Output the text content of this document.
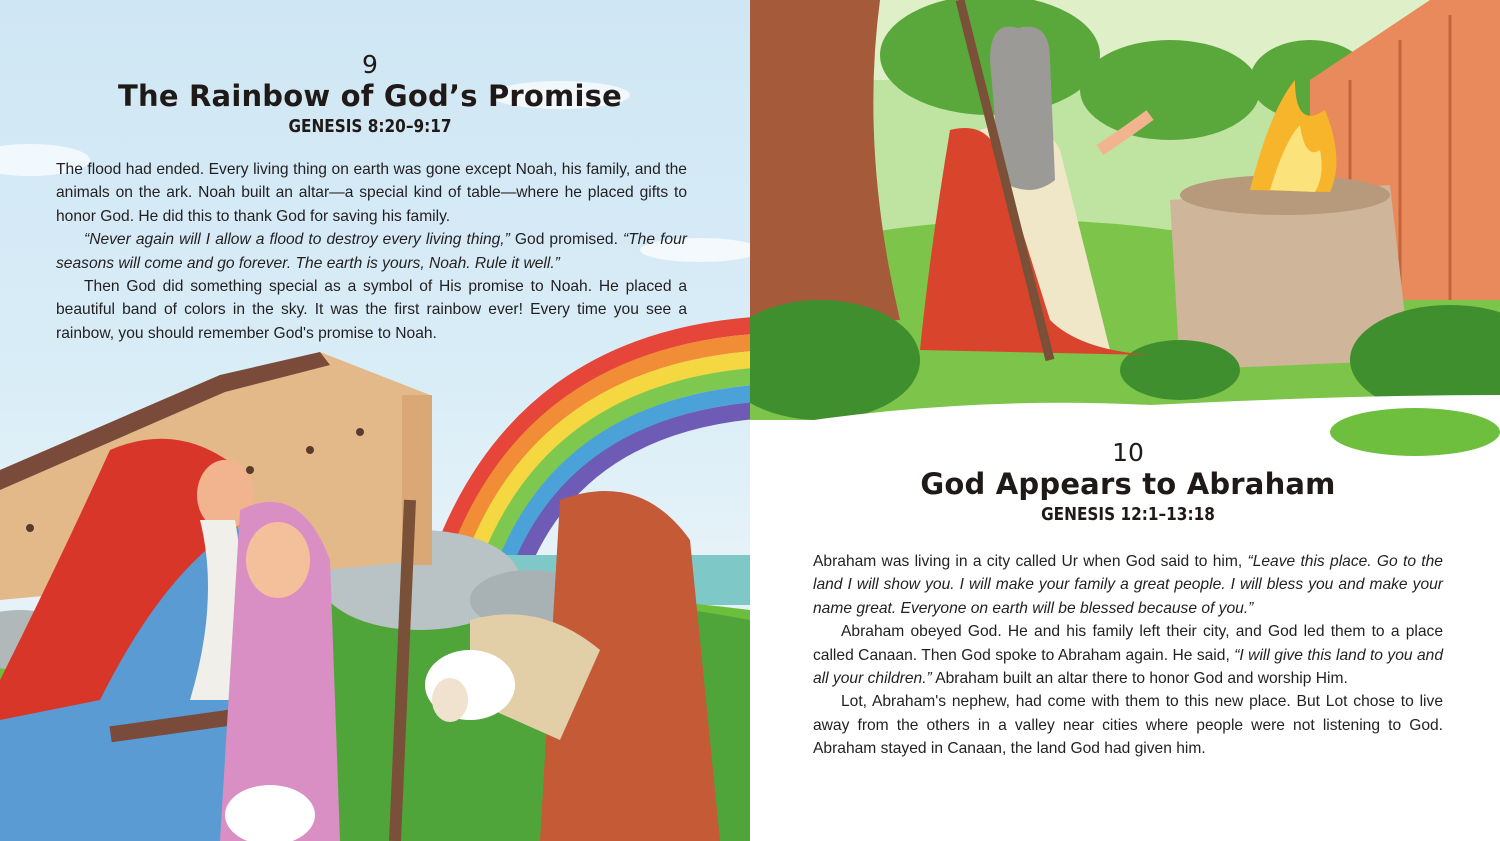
9
The Rainbow of God’s Promise
GENESIS 8:20–9:17

The flood had ended. Every living thing on earth was gone except Noah, his family, and the animals on the ark. Noah built an altar—a special kind of table—where he placed gifts to honor God. He did this to thank God for saving his family.

“Never again will I allow a flood to destroy every living thing,” God promised. “The four seasons will come and go forever. The earth is yours, Noah. Rule it well.”

Then God did something special as a symbol of His promise to Noah. He placed a beautiful band of colors in the sky. It was the first rainbow ever! Every time you see a rainbow, you should remember God's promise to Noah.

10
God Appears to Abraham
GENESIS 12:1–13:18

Abraham was living in a city called Ur when God said to him, “Leave this place. Go to the land I will show you. I will make your family a great people. I will bless you and make your name great. Everyone on earth will be blessed because of you.”

Abraham obeyed God. He and his family left their city, and God led them to a place called Canaan. Then God spoke to Abraham again. He said, “I will give this land to you and all your children.” Abraham built an altar there to honor God and worship Him.

Lot, Abraham's nephew, had come with them to this new place. But Lot chose to live away from the others in a valley near cities where people were not listening to God. Abraham stayed in Canaan, the land God had given him.
